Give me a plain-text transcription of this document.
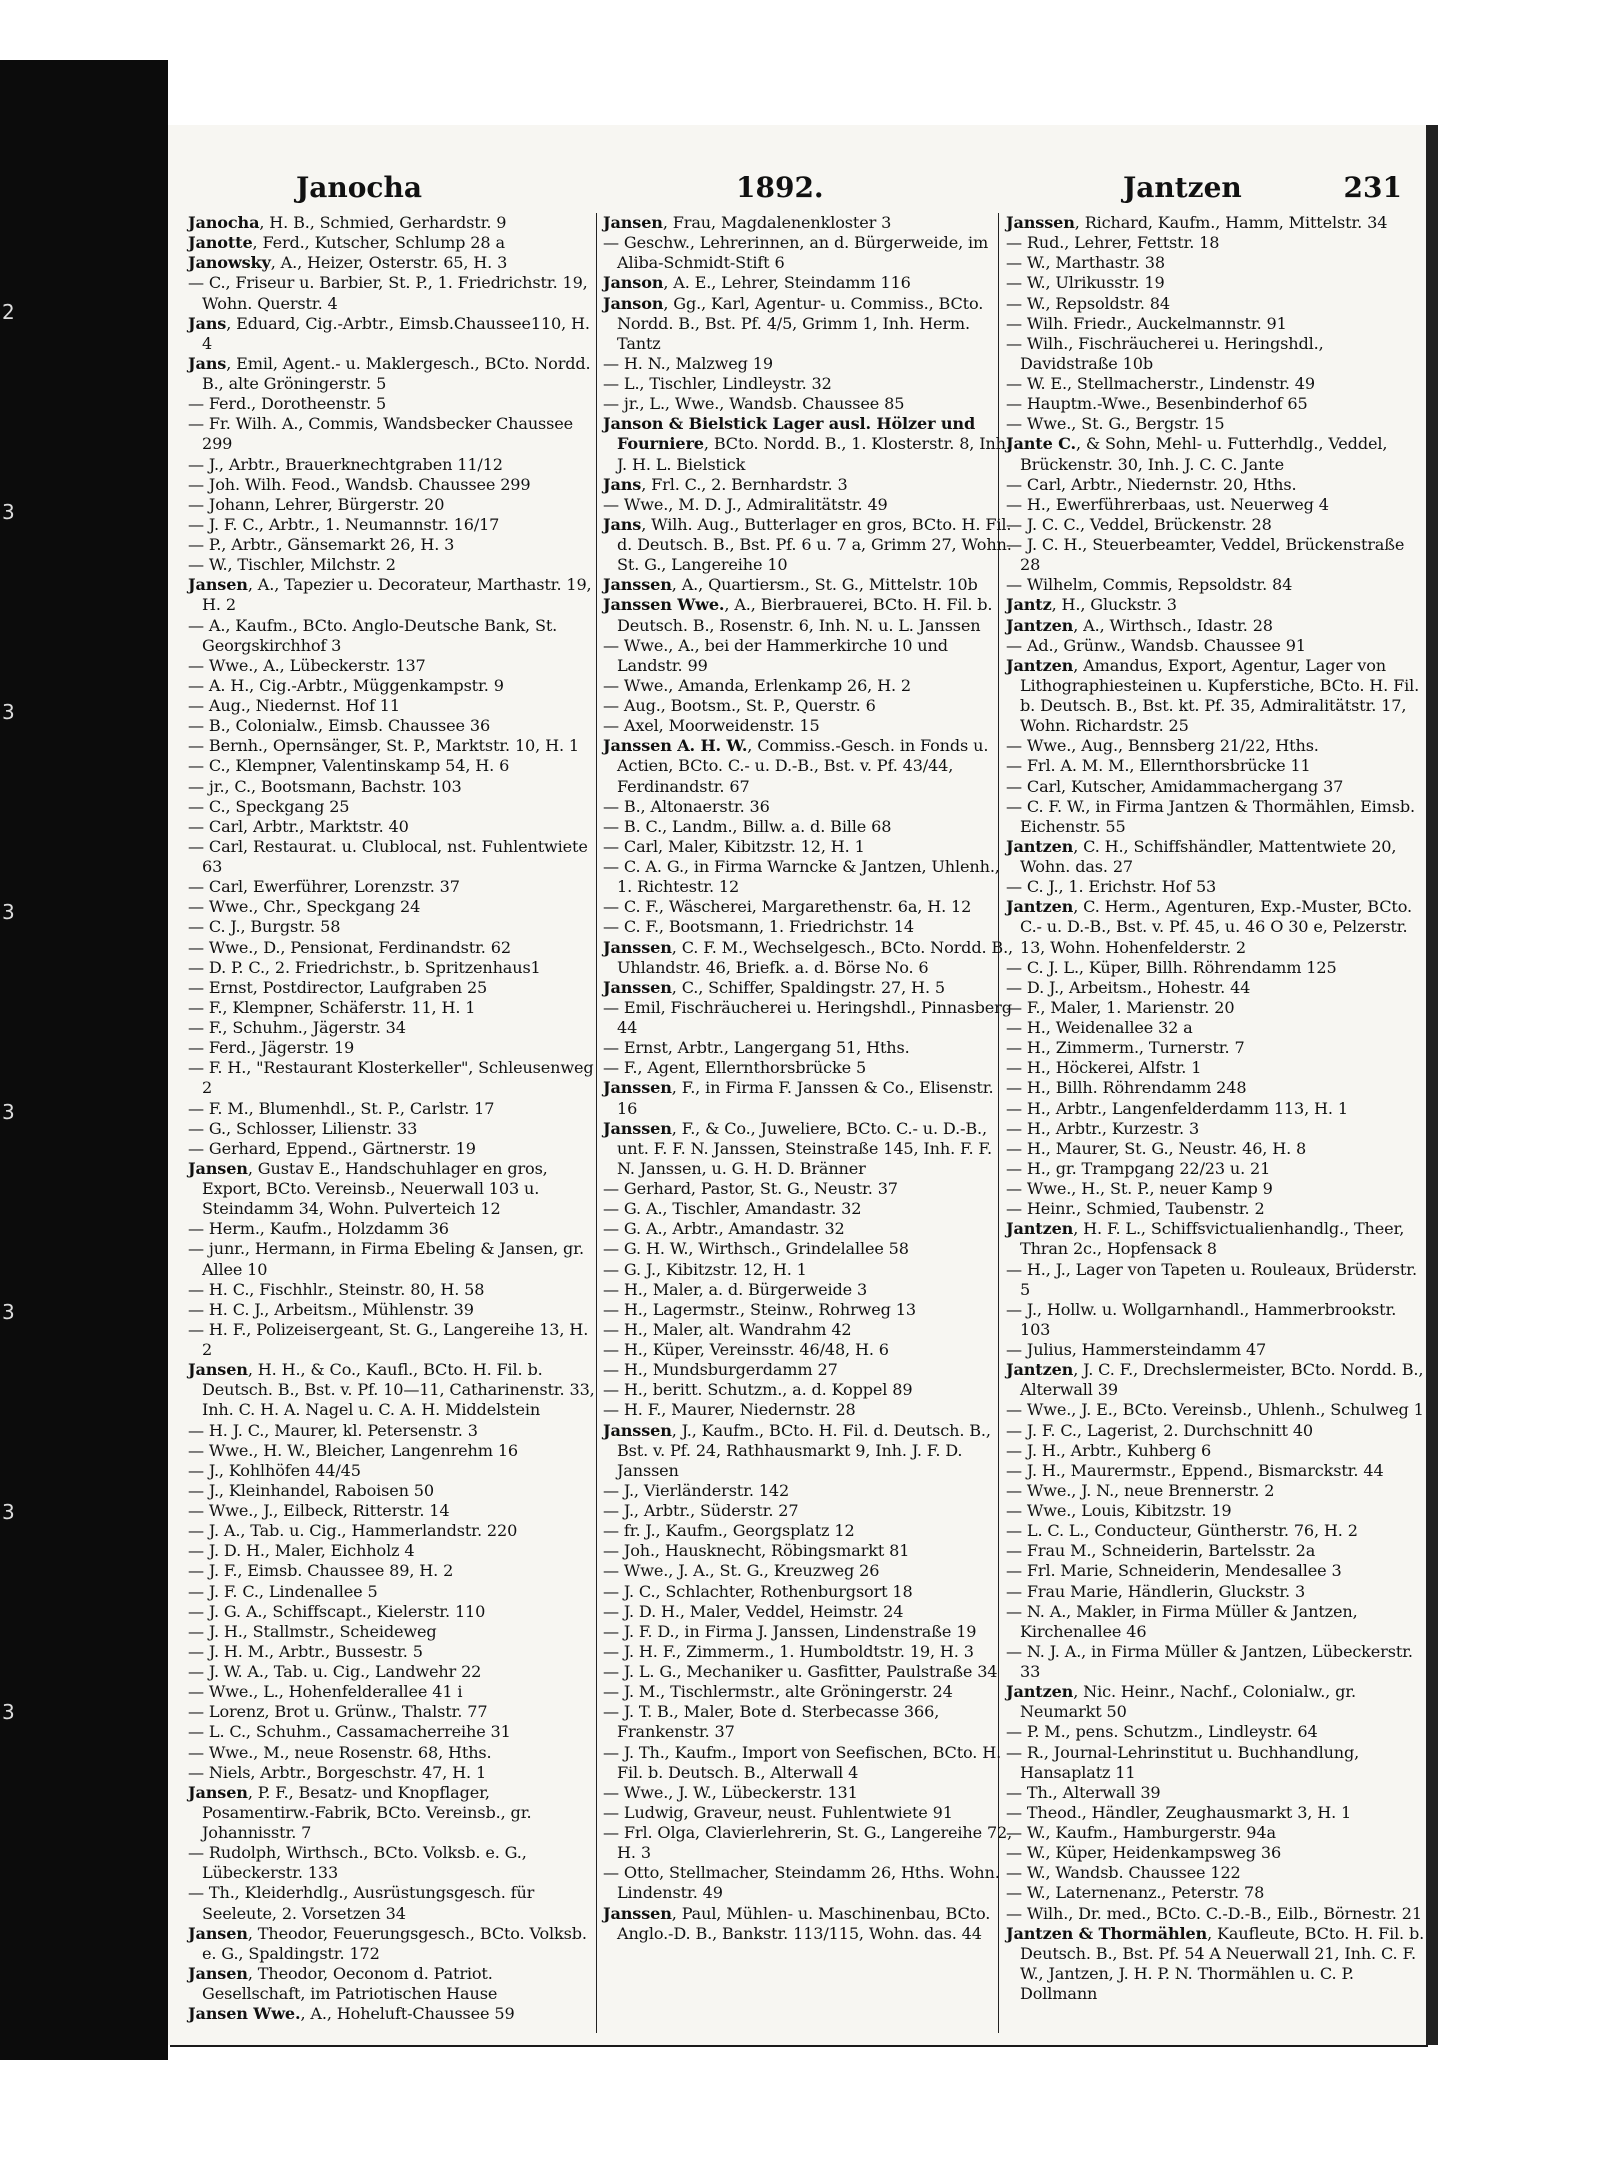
2
3
3
3
3
3
3
3
Janocha	1892.	Jantzen	231

Janocha, H. B., Schmied, Gerhardstr. 9

Janotte, Ferd., Kutscher, Schlump 28 a

Janowsky, A., Heizer, Osterstr. 65, H. 3

— C., Friseur u. Barbier, St. P., 1. Friedrichstr. 19, Wohn. Querstr. 4

Jans, Eduard, Cig.-Arbtr., Eimsb.Chaussee110, H. 4

Jans, Emil, Agent.- u. Maklergesch., BCto. Nordd. B., alte Gröningerstr. 5

— Ferd., Dorotheenstr. 5

— Fr. Wilh. A., Commis, Wandsbecker Chaussee 299

— J., Arbtr., Brauerknechtgraben 11/12

— Joh. Wilh. Feod., Wandsb. Chaussee 299

— Johann, Lehrer, Bürgerstr. 20

— J. F. C., Arbtr., 1. Neumannstr. 16/17

— P., Arbtr., Gänsemarkt 26, H. 3

— W., Tischler, Milchstr. 2

Jansen, A., Tapezier u. Decorateur, Marthastr. 19, H. 2

— A., Kaufm., BCto. Anglo-Deutsche Bank, St. Georgskirchhof 3

— Wwe., A., Lübeckerstr. 137

— A. H., Cig.-Arbtr., Müggenkampstr. 9

— Aug., Niedernst. Hof 11

— B., Colonialw., Eimsb. Chaussee 36

— Bernh., Opernsänger, St. P., Marktstr. 10, H. 1

— C., Klempner, Valentinskamp 54, H. 6

— jr., C., Bootsmann, Bachstr. 103

— C., Speckgang 25

— Carl, Arbtr., Marktstr. 40

— Carl, Restaurat. u. Clublocal, nst. Fuhlentwiete 63

— Carl, Ewerführer, Lorenzstr. 37

— Wwe., Chr., Speckgang 24

— C. J., Burgstr. 58

— Wwe., D., Pensionat, Ferdinandstr. 62

— D. P. C., 2. Friedrichstr., b. Spritzenhaus1

— Ernst, Postdirector, Laufgraben 25

— F., Klempner, Schäferstr. 11, H. 1

— F., Schuhm., Jägerstr. 34

— Ferd., Jägerstr. 19

— F. H., "Restaurant Klosterkeller", Schleusenweg 2

— F. M., Blumenhdl., St. P., Carlstr. 17

— G., Schlosser, Lilienstr. 33

— Gerhard, Eppend., Gärtnerstr. 19

Jansen, Gustav E., Handschuhlager en gros, Export, BCto. Vereinsb., Neuerwall 103 u. Steindamm 34, Wohn. Pulverteich 12

— Herm., Kaufm., Holzdamm 36

— junr., Hermann, in Firma Ebeling & Jansen, gr. Allee 10

— H. C., Fischhlr., Steinstr. 80, H. 58

— H. C. J., Arbeitsm., Mühlenstr. 39

— H. F., Polizeisergeant, St. G., Langereihe 13, H. 2

Jansen, H. H., & Co., Kaufl., BCto. H. Fil. b. Deutsch. B., Bst. v. Pf. 10—11, Catharinenstr. 33, Inh. C. H. A. Nagel u. C. A. H. Middelstein

— H. J. C., Maurer, kl. Petersenstr. 3

— Wwe., H. W., Bleicher, Langenrehm 16

— J., Kohlhöfen 44/45

— J., Kleinhandel, Raboisen 50

— Wwe., J., Eilbeck, Ritterstr. 14

— J. A., Tab. u. Cig., Hammerlandstr. 220

— J. D. H., Maler, Eichholz 4

— J. F., Eimsb. Chaussee 89, H. 2

— J. F. C., Lindenallee 5

— J. G. A., Schiffscapt., Kielerstr. 110

— J. H., Stallmstr., Scheideweg

— J. H. M., Arbtr., Bussestr. 5

— J. W. A., Tab. u. Cig., Landwehr 22

— Wwe., L., Hohenfelderallee 41 i

— Lorenz, Brot u. Grünw., Thalstr. 77

— L. C., Schuhm., Cassamacherreihe 31

— Wwe., M., neue Rosenstr. 68, Hths.

— Niels, Arbtr., Borgeschstr. 47, H. 1

Jansen, P. F., Besatz- und Knopflager, Posamentirw.-Fabrik, BCto. Vereinsb., gr. Johannisstr. 7

— Rudolph, Wirthsch., BCto. Volksb. e. G., Lübeckerstr. 133

— Th., Kleiderhdlg., Ausrüstungsgesch. für Seeleute, 2. Vorsetzen 34

Jansen, Theodor, Feuerungsgesch., BCto. Volksb. e. G., Spaldingstr. 172

Jansen, Theodor, Oeconom d. Patriot. Gesellschaft, im Patriotischen Hause

Jansen Wwe., A., Hoheluft-Chaussee 59

Jansen, Frau, Magdalenenkloster 3

— Geschw., Lehrerinnen, an d. Bürgerweide, im Aliba-Schmidt-Stift 6

Janson, A. E., Lehrer, Steindamm 116

Janson, Gg., Karl, Agentur- u. Commiss., BCto. Nordd. B., Bst. Pf. 4/5, Grimm 1, Inh. Herm. Tantz

— H. N., Malzweg 19

— L., Tischler, Lindleystr. 32

— jr., L., Wwe., Wandsb. Chaussee 85

Janson & Bielstick Lager ausl. Hölzer und Fourniere, BCto. Nordd. B., 1. Klosterstr. 8, Inh. J. H. L. Bielstick

Jans, Frl. C., 2. Bernhardstr. 3

— Wwe., M. D. J., Admiralitätstr. 49

Jans, Wilh. Aug., Butterlager en gros, BCto. H. Fil. d. Deutsch. B., Bst. Pf. 6 u. 7 a, Grimm 27, Wohn. St. G., Langereihe 10

Janssen, A., Quartiersm., St. G., Mittelstr. 10b

Janssen Wwe., A., Bierbrauerei, BCto. H. Fil. b. Deutsch. B., Rosenstr. 6, Inh. N. u. L. Janssen

— Wwe., A., bei der Hammerkirche 10 und Landstr. 99

— Wwe., Amanda, Erlenkamp 26, H. 2

— Aug., Bootsm., St. P., Querstr. 6

— Axel, Moorweidenstr. 15

Janssen A. H. W., Commiss.-Gesch. in Fonds u. Actien, BCto. C.- u. D.-B., Bst. v. Pf. 43/44, Ferdinandstr. 67

— B., Altonaerstr. 36

— B. C., Landm., Billw. a. d. Bille 68

— Carl, Maler, Kibitzstr. 12, H. 1

— C. A. G., in Firma Warncke & Jantzen, Uhlenh., 1. Richtestr. 12

— C. F., Wäscherei, Margarethenstr. 6a, H. 12

— C. F., Bootsmann, 1. Friedrichstr. 14

Janssen, C. F. M., Wechselgesch., BCto. Nordd. B., Uhlandstr. 46, Briefk. a. d. Börse No. 6

Janssen, C., Schiffer, Spaldingstr. 27, H. 5

— Emil, Fischräucherei u. Heringshdl., Pinnasberg 44

— Ernst, Arbtr., Langergang 51, Hths.

— F., Agent, Ellernthorsbrücke 5

Janssen, F., in Firma F. Janssen & Co., Elisenstr. 16

Janssen, F., & Co., Juweliere, BCto. C.- u. D.-B., unt. F. F. N. Janssen, Steinstraße 145, Inh. F. F. N. Janssen, u. G. H. D. Bränner

— Gerhard, Pastor, St. G., Neustr. 37

— G. A., Tischler, Amandastr. 32

— G. A., Arbtr., Amandastr. 32

— G. H. W., Wirthsch., Grindelallee 58

— G. J., Kibitzstr. 12, H. 1

— H., Maler, a. d. Bürgerweide 3

— H., Lagermstr., Steinw., Rohrweg 13

— H., Maler, alt. Wandrahm 42

— H., Küper, Vereinsstr. 46/48, H. 6

— H., Mundsburgerdamm 27

— H., beritt. Schutzm., a. d. Koppel 89

— H. F., Maurer, Niedernstr. 28

Janssen, J., Kaufm., BCto. H. Fil. d. Deutsch. B., Bst. v. Pf. 24, Rathhausmarkt 9, Inh. J. F. D. Janssen

— J., Vierländerstr. 142

— J., Arbtr., Süderstr. 27

— fr. J., Kaufm., Georgsplatz 12

— Joh., Hausknecht, Röbingsmarkt 81

— Wwe., J. A., St. G., Kreuzweg 26

— J. C., Schlachter, Rothenburgsort 18

— J. D. H., Maler, Veddel, Heimstr. 24

— J. F. D., in Firma J. Janssen, Lindenstraße 19

— J. H. F., Zimmerm., 1. Humboldtstr. 19, H. 3

— J. L. G., Mechaniker u. Gasfitter, Paulstraße 34

— J. M., Tischlermstr., alte Gröningerstr. 24

— J. T. B., Maler, Bote d. Sterbecasse 366, Frankenstr. 37

— J. Th., Kaufm., Import von Seefischen, BCto. H. Fil. b. Deutsch. B., Alterwall 4

— Wwe., J. W., Lübeckerstr. 131

— Ludwig, Graveur, neust. Fuhlentwiete 91

— Frl. Olga, Clavierlehrerin, St. G., Langereihe 72, H. 3

— Otto, Stellmacher, Steindamm 26, Hths. Wohn. Lindenstr. 49

Janssen, Paul, Mühlen- u. Maschinenbau, BCto. Anglo.-D. B., Bankstr. 113/115, Wohn. das. 44

Janssen, Richard, Kaufm., Hamm, Mittelstr. 34

— Rud., Lehrer, Fettstr. 18

— W., Marthastr. 38

— W., Ulrikusstr. 19

— W., Repsoldstr. 84

— Wilh. Friedr., Auckelmannstr. 91

— Wilh., Fischräucherei u. Heringshdl., Davidstraße 10b

— W. E., Stellmacherstr., Lindenstr. 49

— Hauptm.-Wwe., Besenbinderhof 65

— Wwe., St. G., Bergstr. 15

Jante C., & Sohn, Mehl- u. Futterhdlg., Veddel, Brückenstr. 30, Inh. J. C. C. Jante

— Carl, Arbtr., Niedernstr. 20, Hths.

— H., Ewerführerbaas, ust. Neuerweg 4

— J. C. C., Veddel, Brückenstr. 28

— J. C. H., Steuerbeamter, Veddel, Brückenstraße 28

— Wilhelm, Commis, Repsoldstr. 84

Jantz, H., Gluckstr. 3

Jantzen, A., Wirthsch., Idastr. 28

— Ad., Grünw., Wandsb. Chaussee 91

Jantzen, Amandus, Export, Agentur, Lager von Lithographiesteinen u. Kupferstiche, BCto. H. Fil. b. Deutsch. B., Bst. kt. Pf. 35, Admiralitätstr. 17, Wohn. Richardstr. 25

— Wwe., Aug., Bennsberg 21/22, Hths.

— Frl. A. M. M., Ellernthorsbrücke 11

— Carl, Kutscher, Amidammachergang 37

— C. F. W., in Firma Jantzen & Thormählen, Eimsb. Eichenstr. 55

Jantzen, C. H., Schiffshändler, Mattentwiete 20, Wohn. das. 27

— C. J., 1. Erichstr. Hof 53

Jantzen, C. Herm., Agenturen, Exp.-Muster, BCto. C.- u. D.-B., Bst. v. Pf. 45, u. 46 O 30 e, Pelzerstr. 13, Wohn. Hohenfelderstr. 2

— C. J. L., Küper, Billh. Röhrendamm 125

— D. J., Arbeitsm., Hohestr. 44

— F., Maler, 1. Marienstr. 20

— H., Weidenallee 32 a

— H., Zimmerm., Turnerstr. 7

— H., Höckerei, Alfstr. 1

— H., Billh. Röhrendamm 248

— H., Arbtr., Langenfelderdamm 113, H. 1

— H., Arbtr., Kurzestr. 3

— H., Maurer, St. G., Neustr. 46, H. 8

— H., gr. Trampgang 22/23 u. 21

— Wwe., H., St. P., neuer Kamp 9

— Heinr., Schmied, Taubenstr. 2

Jantzen, H. F. L., Schiffsvictualienhandlg., Theer, Thran 2c., Hopfensack 8

— H., J., Lager von Tapeten u. Rouleaux, Brüderstr. 5

— J., Hollw. u. Wollgarnhandl., Hammerbrookstr. 103

— Julius, Hammersteindamm 47

Jantzen, J. C. F., Drechslermeister, BCto. Nordd. B., Alterwall 39

— Wwe., J. E., BCto. Vereinsb., Uhlenh., Schulweg 1

— J. F. C., Lagerist, 2. Durchschnitt 40

— J. H., Arbtr., Kuhberg 6

— J. H., Maurermstr., Eppend., Bismarckstr. 44

— Wwe., J. N., neue Brennerstr. 2

— Wwe., Louis, Kibitzstr. 19

— L. C. L., Conducteur, Güntherstr. 76, H. 2

— Frau M., Schneiderin, Bartelsstr. 2a

— Frl. Marie, Schneiderin, Mendesallee 3

— Frau Marie, Händlerin, Gluckstr. 3

— N. A., Makler, in Firma Müller & Jantzen, Kirchenallee 46

— N. J. A., in Firma Müller & Jantzen, Lübeckerstr. 33

Jantzen, Nic. Heinr., Nachf., Colonialw., gr. Neumarkt 50

— P. M., pens. Schutzm., Lindleystr. 64

— R., Journal-Lehrinstitut u. Buchhandlung, Hansaplatz 11

— Th., Alterwall 39

— Theod., Händler, Zeughausmarkt 3, H. 1

— W., Kaufm., Hamburgerstr. 94a

— W., Küper, Heidenkampsweg 36

— W., Wandsb. Chaussee 122

— W., Laternenanz., Peterstr. 78

— Wilh., Dr. med., BCto. C.-D.-B., Eilb., Börnestr. 21

Jantzen & Thormählen, Kaufleute, BCto. H. Fil. b. Deutsch. B., Bst. Pf. 54 A Neuerwall 21, Inh. C. F. W., Jantzen, J. H. P. N. Thormählen u. C. P. Dollmann
